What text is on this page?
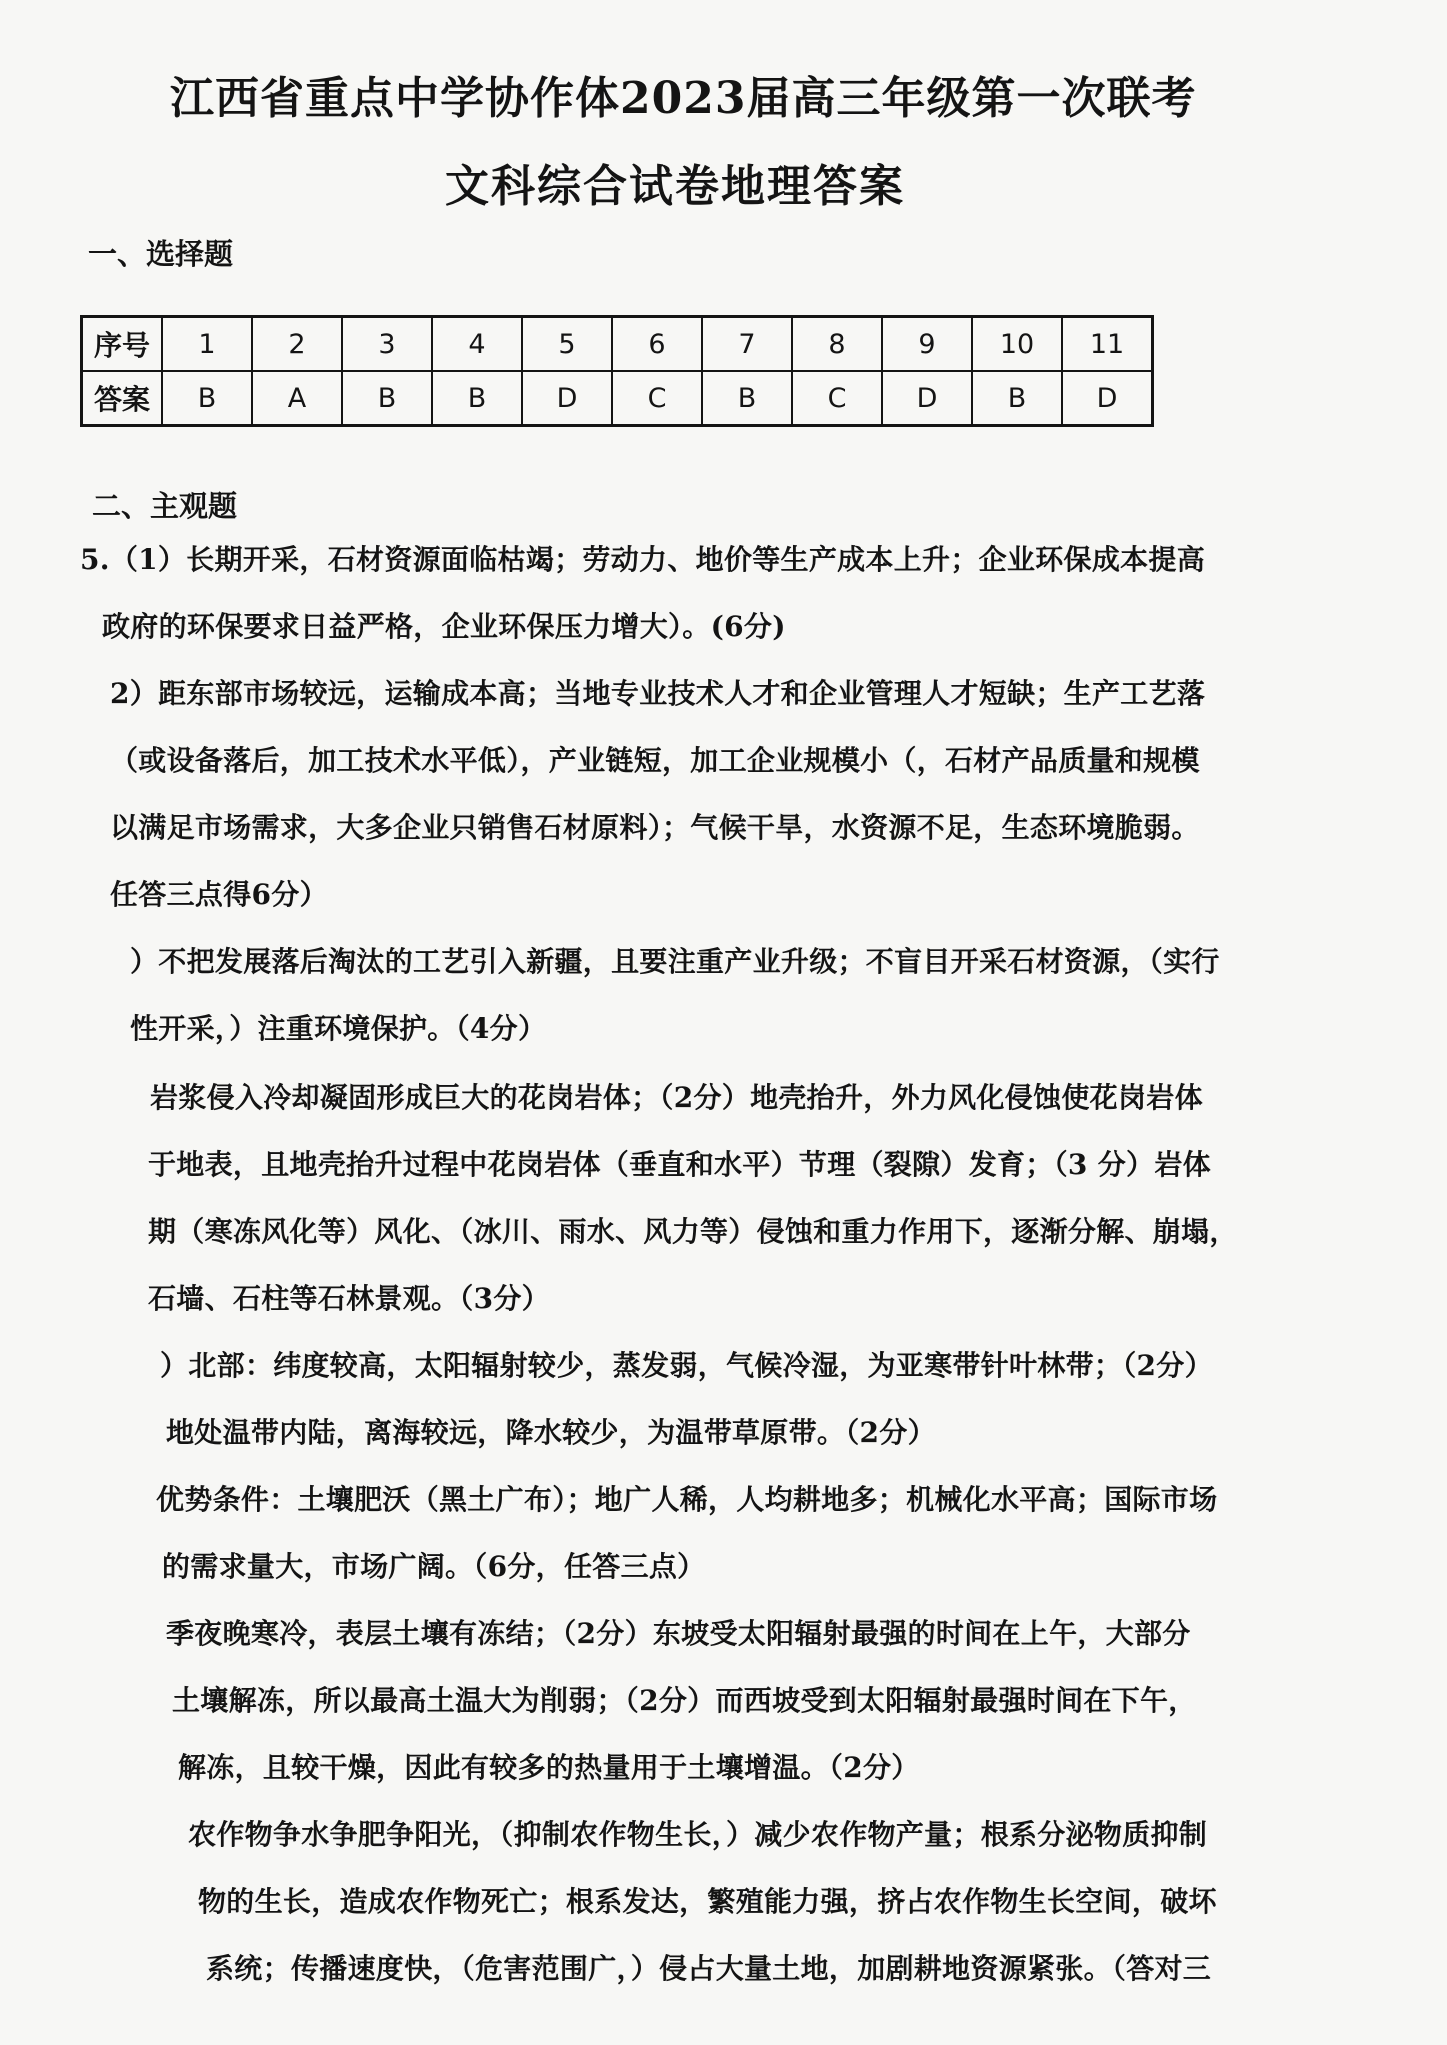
江西省重点中学协作体2023届高三年级第一次联考
文科综合试卷地理答案
一、选择题
序号	1	2	3	4	5	6	7	8	9	10	11
答案	B	A	B	B	D	C	B	C	D	B	D
二、主观题
5.（1）长期开采，石材资源面临枯竭；劳动力、地价等生产成本上升；企业环保成本提高
政府的环保要求日益严格，企业环保压力增大）。(6分)
2）距东部市场较远，运输成本高；当地专业技术人才和企业管理人才短缺；生产工艺落
（或设备落后，加工技术水平低），产业链短，加工企业规模小（，石材产品质量和规模
以满足市场需求，大多企业只销售石材原料）；气候干旱，水资源不足，生态环境脆弱。
任答三点得6分）
）不把发展落后淘汰的工艺引入新疆，且要注重产业升级；不盲目开采石材资源，（实行
性开采，）注重环境保护。（4分）
岩浆侵入冷却凝固形成巨大的花岗岩体；（2分）地壳抬升，外力风化侵蚀使花岗岩体
于地表，且地壳抬升过程中花岗岩体（垂直和水平）节理（裂隙）发育；（3 分）岩体
期（寒冻风化等）风化、（冰川、雨水、风力等）侵蚀和重力作用下，逐渐分解、崩塌，
石墙、石柱等石林景观。（3分）
）北部：纬度较高，太阳辐射较少，蒸发弱，气候冷湿，为亚寒带针叶林带；（2分）
地处温带内陆，离海较远，降水较少，为温带草原带。（2分）
优势条件：土壤肥沃（黑土广布）；地广人稀，人均耕地多；机械化水平高；国际市场
的需求量大，市场广阔。（6分，任答三点）
季夜晚寒冷，表层土壤有冻结；（2分）东坡受太阳辐射最强的时间在上午，大部分
土壤解冻，所以最高土温大为削弱；（2分）而西坡受到太阳辐射最强时间在下午，
解冻，且较干燥，因此有较多的热量用于土壤增温。（2分）
农作物争水争肥争阳光，（抑制农作物生长，）减少农作物产量；根系分泌物质抑制
物的生长，造成农作物死亡；根系发达，繁殖能力强，挤占农作物生长空间，破坏
系统；传播速度快，（危害范围广，）侵占大量土地，加剧耕地资源紧张。（答对三
